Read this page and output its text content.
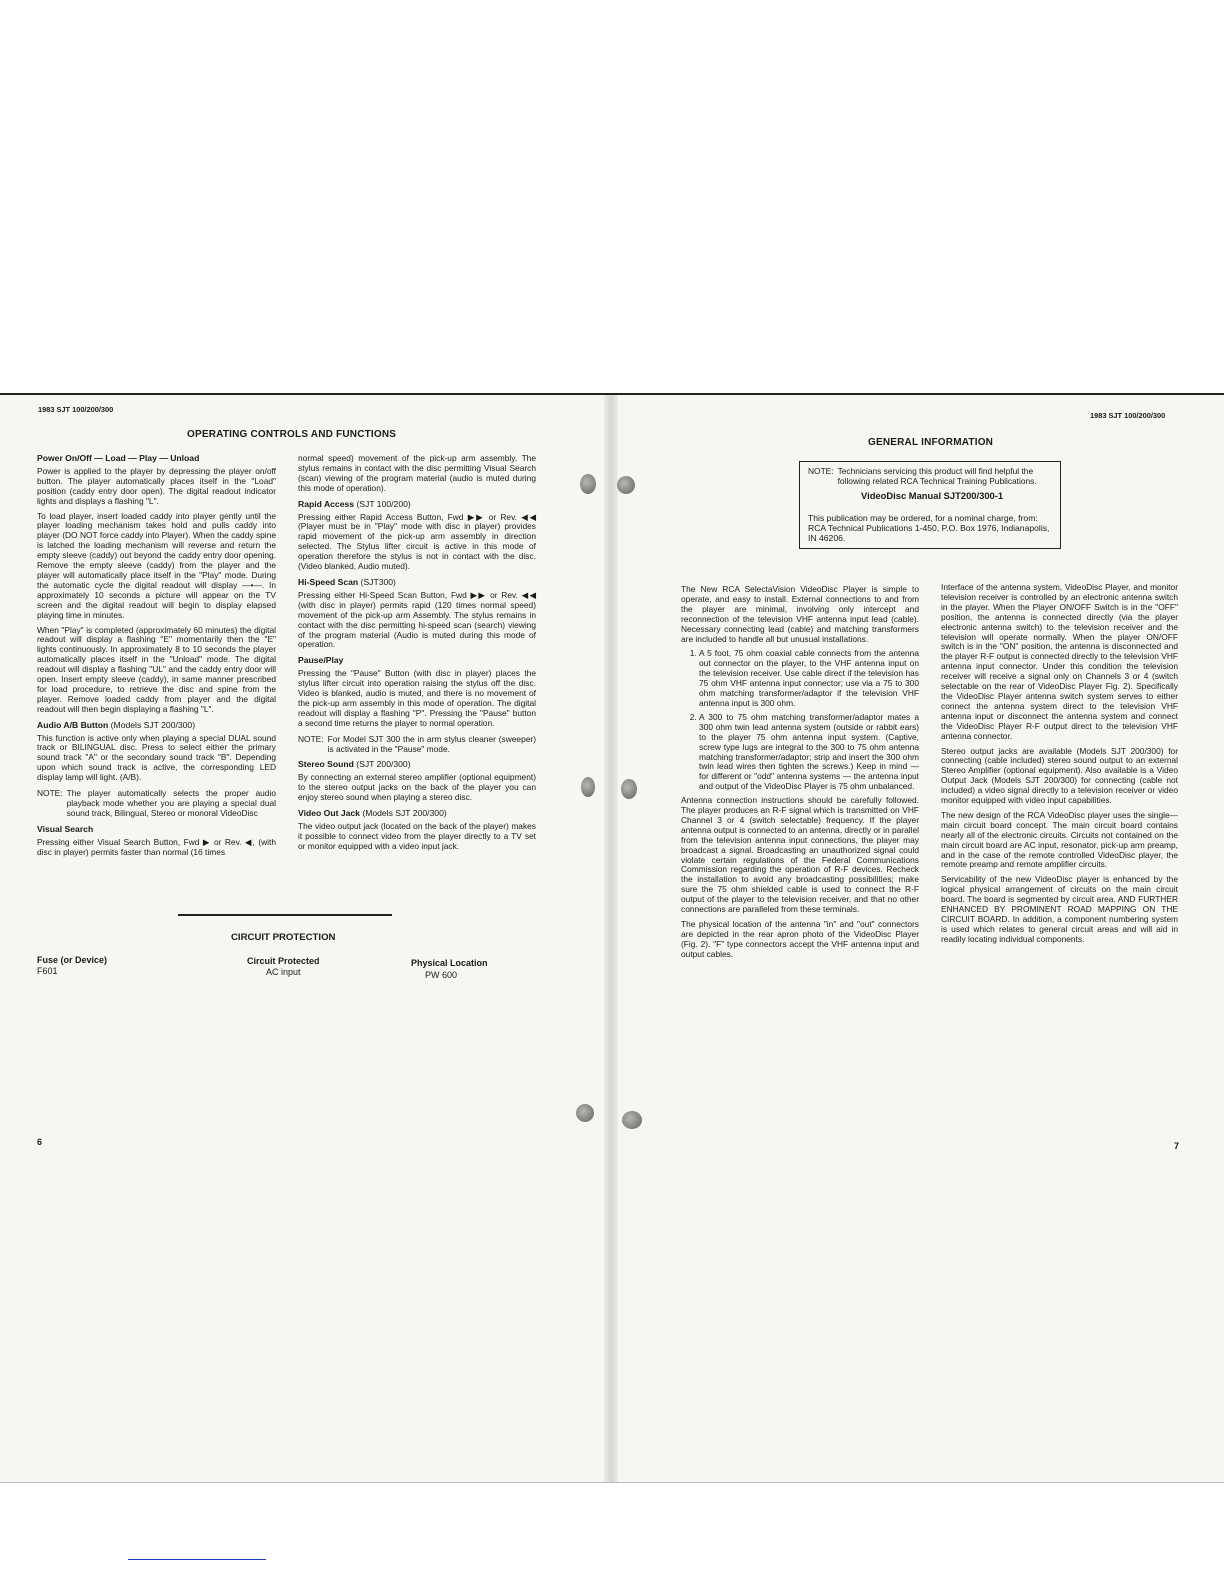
1983 SJT 100/200/300
OPERATING CONTROLS AND FUNCTIONS
Power On/Off — Load — Play — Unload

Power is applied to the player by depressing the player on/off button. The player automatically places itself in the "Load" position (caddy entry door open). The digital readout indicator lights and displays a flashing "L".

To load player, insert loaded caddy into player gently until the player loading mechanism takes hold and pulls caddy into player (DO NOT force caddy into Player). When the caddy spine is latched the loading mechanism will reverse and return the empty sleeve (caddy) out beyond the caddy entry door opening. Remove the empty sleeve (caddy) from the player and the player will automatically place itself in the "Play" mode. During the automatic cycle the digital readout will display —•—. In approximately 10 seconds a picture will appear on the TV screen and the digital readout will begin to display elapsed playing time in minutes.

When "Play" is completed (approximately 60 minutes) the digital readout will display a flashing "E" momentarily then the "E" lights continuously. In approximately 8 to 10 seconds the player automatically places itself in the "Unload" mode. The digital readout will display a flashing "UL" and the caddy entry door will open. Insert empty sleeve (caddy), in same manner prescribed for load procedure, to retrieve the disc and spine from the player. Remove loaded caddy from player and the digital readout will then begin displaying a flashing "L".

Audio A/B Button (Models SJT 200/300)

This function is active only when playing a special DUAL sound track or BILINGUAL disc. Press to select either the primary sound track "A" or the secondary sound track "B". Depending upon which sound track is active, the corresponding LED display lamp will light. (A/B).

NOTE: The player automatically selects the proper audio playback mode whether you are playing a special dual sound track, Bilingual, Stereo or monoral VideoDisc
Visual Search

Pressing either Visual Search Button, Fwd ▶ or Rev. ◀, (with disc in player) permits faster than normal (16 times

normal speed) movement of the pick-up arm assembly. The stylus remains in contact with the disc permitting Visual Search (scan) viewing of the program material (audio is muted during this mode of operation).

Rapid Access (SJT 100/200)

Pressing either Rapid Access Button, Fwd ▶▶ or Rev. ◀◀ (Player must be in "Play" mode with disc in player) provides rapid movement of the pick-up arm assembly in direction selected. The Stylus lifter circuit is active in this mode of operation therefore the stylus is not in contact with the disc. (Video blanked, Audio muted).

Hi-Speed Scan (SJT300)

Pressing either Hi-Speed Scan Button, Fwd ▶▶ or Rev. ◀◀ (with disc in player) permits rapid (120 times normal speed) movement of the pick-up arm Assembly. The stylus remains in contact with the disc permitting hi-speed scan (search) viewing of the program material (Audio is muted during this mode of operation.

Pause/Play

Pressing the "Pause" Button (with disc in player) places the stylus lifter circuit into operation raising the stylus off the disc. Video is blanked, audio is muted, and there is no movement of the pick-up arm assembly in this mode of operation. The digital readout will display a flashing "P". Pressing the "Pause" button a second time returns the player to normal operation.

NOTE: For Model SJT 300 the in arm stylus cleaner (sweeper) is activated in the "Pause" mode.
Stereo Sound (SJT 200/300)

By connecting an external stereo amplifier (optional equipment) to the stereo output jacks on the back of the player you can enjoy stereo sound when playing a stereo disc.

Video Out Jack (Models SJT 200/300)

The video output jack (located on the back of the player) makes it possible to connect video from the player directly to a TV set or monitor equipped with a video input jack.

CIRCUIT PROTECTION
Fuse (or Device)	Circuit Protected	Physical Location
F601	AC input	PW 600
6
1983 SJT 100/200/300
GENERAL INFORMATION
NOTE: Technicians servicing this product will find helpful the following related RCA Technical Training Publications.
VideoDisc Manual SJT200/300-1
This publication may be ordered, for a nominal charge, from: RCA Technical Publications 1-450, P.O. Box 1976, Indianapolis, IN 46206.

The New RCA SelectaVision VideoDisc Player is simple to operate, and easy to install. External connections to and from the player are minimal, involving only intercept and reconnection of the television VHF antenna input lead (cable). Necessary connecting lead (cable) and matching transformers are included to handle all but unusual installations.

1. A 5 foot, 75 ohm coaxial cable connects from the antenna out connector on the player, to the VHF antenna input on the television receiver. Use cable direct if the television has 75 ohm VHF antenna input connector; use via a 75 to 300 ohm matching transformer/adaptor if the television VHF antenna input is 300 ohm.
2. A 300 to 75 ohm matching transformer/adaptor mates a 300 ohm twin lead antenna system (outside or rabbit ears) to the player 75 ohm antenna input system. (Captive, screw type lugs are integral to the 300 to 75 ohm antenna matching transformer/adaptor; strip and insert the 300 ohm twin lead wires then tighten the screws.) Keep in mind — for different or "odd" antenna systems — the antenna input and output of the VideoDisc Player is 75 ohm unbalanced.

Antenna connection instructions should be carefully followed. The player produces an R-F signal which is transmitted on VHF Channel 3 or 4 (switch selectable) frequency. If the player antenna output is connected to an antenna, directly or in parallel from the television antenna input connections, the player may broadcast a signal. Broadcasting an unauthorized signal could violate certain regulations of the Federal Communications Commission regarding the operation of R-F devices. Recheck the installation to avoid any broadcasting possibilities; make sure the 75 ohm shielded cable is used to connect the R-F output of the player to the television receiver, and that no other connections are paralleled from these terminals.

The physical location of the antenna "in" and "out" connectors are depicted in the rear apron photo of the VideoDisc Player (Fig. 2). "F" type connectors accept the VHF antenna input and output cables.

Interface of the antenna system, VideoDisc Player, and monitor television receiver is controlled by an electronic antenna switch in the player. When the Player ON/OFF Switch is in the "OFF" position, the antenna is connected directly (via the player electronic antenna switch) to the television receiver and the television will operate normally. When the player ON/OFF switch is in the "ON" position, the antenna is disconnected and the player R-F output is connected directly to the television VHF antenna input connector. Under this condition the television receiver will receive a signal only on Channels 3 or 4 (switch selectable on the rear of VideoDisc Player Fig. 2). Specifically the VideoDisc Player antenna switch system serves to either connect the antenna system direct to the television VHF antenna input or disconnect the antenna system and connect the VideoDisc Player R-F output direct to the television VHF antenna connector.

Stereo output jacks are available (Models SJT 200/300) for connecting (cable included) stereo sound output to an external Stereo Amplifier (optional equipment). Also available is a Video Output Jack (Models SJT 200/300) for connecting (cable not included) a video signal directly to a television receiver or video monitor equipped with video input capabilities.

The new design of the RCA VideoDisc player uses the single—main circuit board concept. The main circuit board contains nearly all of the electronic circuits. Circuits not contained on the main circuit board are AC input, resonator, pick-up arm preamp, and in the case of the remote controlled VideoDisc player, the remote preamp and remote amplifier circuits.

Servicability of the new VideoDisc player is enhanced by the logical physical arrangement of circuits on the main circuit board. The board is segmented by circuit area. AND FURTHER ENHANCED BY PROMINENT ROAD MAPPING ON THE CIRCUIT BOARD. In addition, a component numbering system is used which relates to general circuit areas and will aid in readily locating individual components.

7
